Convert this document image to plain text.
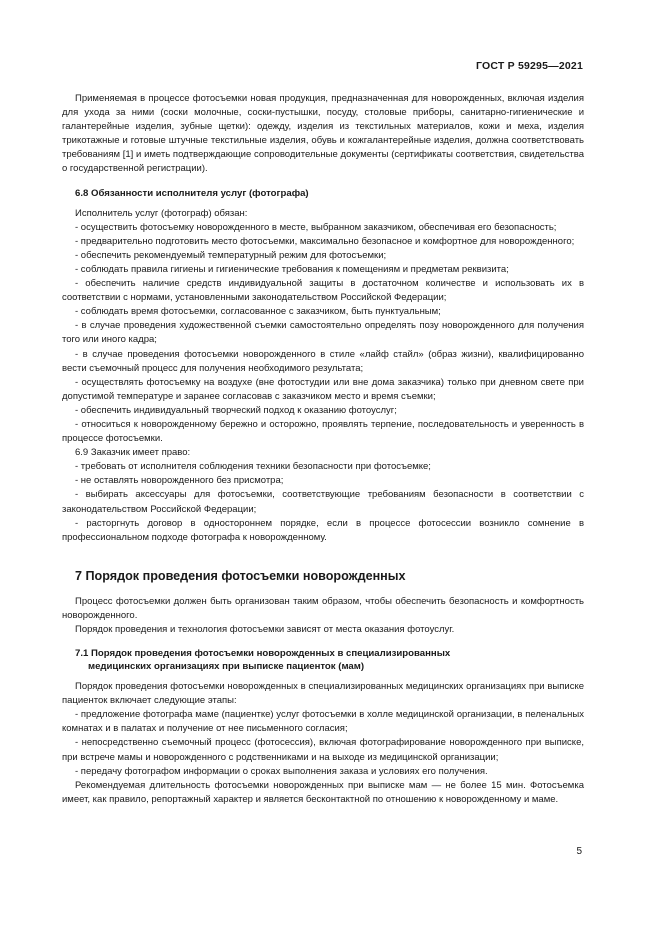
ГОСТ Р 59295—2021

Применяемая в процессе фотосъемки новая продукция, предназначенная для новорожденных, включая изделия для ухода за ними (соски молочные, соски-пустышки, посуду, столовые приборы, санитарно-гигиенические и галантерейные изделия, зубные щетки): одежду, изделия из текстильных материалов, кожи и меха, изделия трикотажные и готовые штучные текстильные изделия, обувь и кожгалантерейные изделия, должна соответствовать требованиям [1] и иметь подтверждающие сопроводительные документы (сертификаты соответствия, свидетельства о государственной регистрации).

6.8 Обязанности исполнителя услуг (фотографа)

Исполнитель услуг (фотограф) обязан:

- осуществить фотосъемку новорожденного в месте, выбранном заказчиком, обеспечивая его безопасность;

- предварительно подготовить место фотосъемки, максимально безопасное и комфортное для новорожденного;

- обеспечить рекомендуемый температурный режим для фотосъемки;

- соблюдать правила гигиены и гигиенические требования к помещениям и предметам реквизита;

- обеспечить наличие средств индивидуальной защиты в достаточном количестве и использовать их в соответствии с нормами, установленными законодательством Российской Федерации;

- соблюдать время фотосъемки, согласованное с заказчиком, быть пунктуальным;

- в случае проведения художественной съемки самостоятельно определять позу новорожденного для получения того или иного кадра;

- в случае проведения фотосъемки новорожденного в стиле «лайф стайл» (образ жизни), квалифицированно вести съемочный процесс для получения необходимого результата;

- осуществлять фотосъемку на воздухе (вне фотостудии или вне дома заказчика) только при дневном свете при допустимой температуре и заранее согласовав с заказчиком место и время съемки;

- обеспечить индивидуальный творческий подход к оказанию фотоуслуг;

- относиться к новорожденному бережно и осторожно, проявлять терпение, последовательность и уверенность в процессе фотосъемки.

6.9 Заказчик имеет право:

- требовать от исполнителя соблюдения техники безопасности при фотосъемке;

- не оставлять новорожденного без присмотра;

- выбирать аксессуары для фотосъемки, соответствующие требованиям безопасности в соответствии с законодательством Российской Федерации;

- расторгнуть договор в одностороннем порядке, если в процессе фотосессии возникло сомнение в профессиональном подходе фотографа к новорожденному.

7 Порядок проведения фотосъемки новорожденных

Процесс фотосъемки должен быть организован таким образом, чтобы обеспечить безопасность и комфортность новорожденного.

Порядок проведения и технология фотосъемки зависят от места оказания фотоуслуг.

7.1 Порядок проведения фотосъемки новорожденных в специализированных
медицинских организациях при выписке пациенток (мам)

Порядок проведения фотосъемки новорожденных в специализированных медицинских организациях при выписке пациенток включает следующие этапы:

- предложение фотографа маме (пациентке) услуг фотосъемки в холле медицинской организации, в пеленальных комнатах и в палатах и получение от нее письменного согласия;

- непосредственно съемочный процесс (фотосессия), включая фотографирование новорожденного при выписке, при встрече мамы и новорожденного с родственниками и на выходе из медицинской организации;

- передачу фотографом информации о сроках выполнения заказа и условиях его получения.

Рекомендуемая длительность фотосъемки новорожденных при выписке мам — не более 15 мин. Фотосъемка имеет, как правило, репортажный характер и является бесконтактной по отношению к новорожденному и маме.

5
